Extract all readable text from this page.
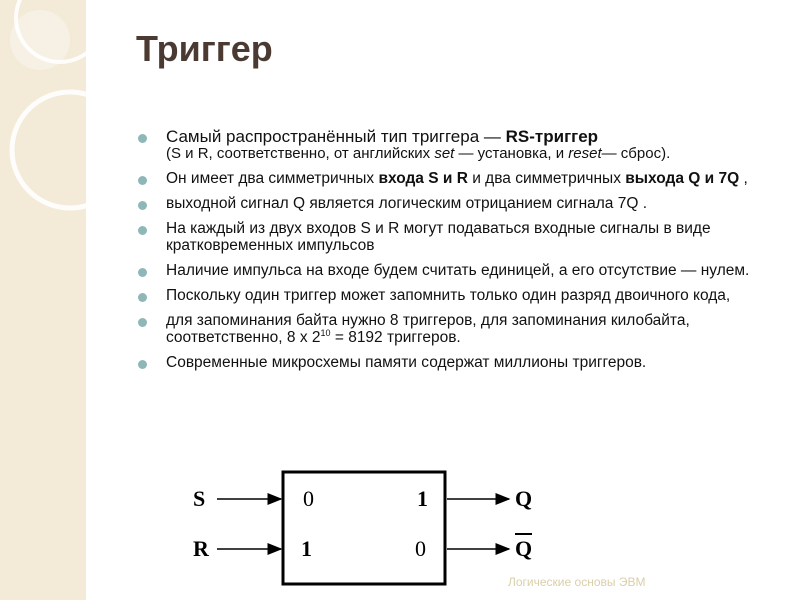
Триггер
Самый распространённый тип триггера — RS-триггер
(S и R, соответственно, от английских set — установка, и reset— сброс).
Он имеет два симметричных входа S и R и два симметричных выхода Q и 7Q ,
выходной сигнал Q является логическим отрицанием сигнала 7Q .
На каждый из двух входов S и R могут подаваться входные сигналы в виде кратковременных импульсов
Наличие импульса на входе будем считать единицей, а его отсутствие — нулем.
Поскольку один триггер может запомнить только один разряд двоичного кода,
для запоминания байта нужно 8 триггеров, для запоминания килобайта, соответственно, 8 х $2^{10} = 8192$ триггеров.
Современные микросхемы памяти содержат миллионы триггеров.
S
R
0	1
1	0
Q
Q
Логические основы ЭВМ
